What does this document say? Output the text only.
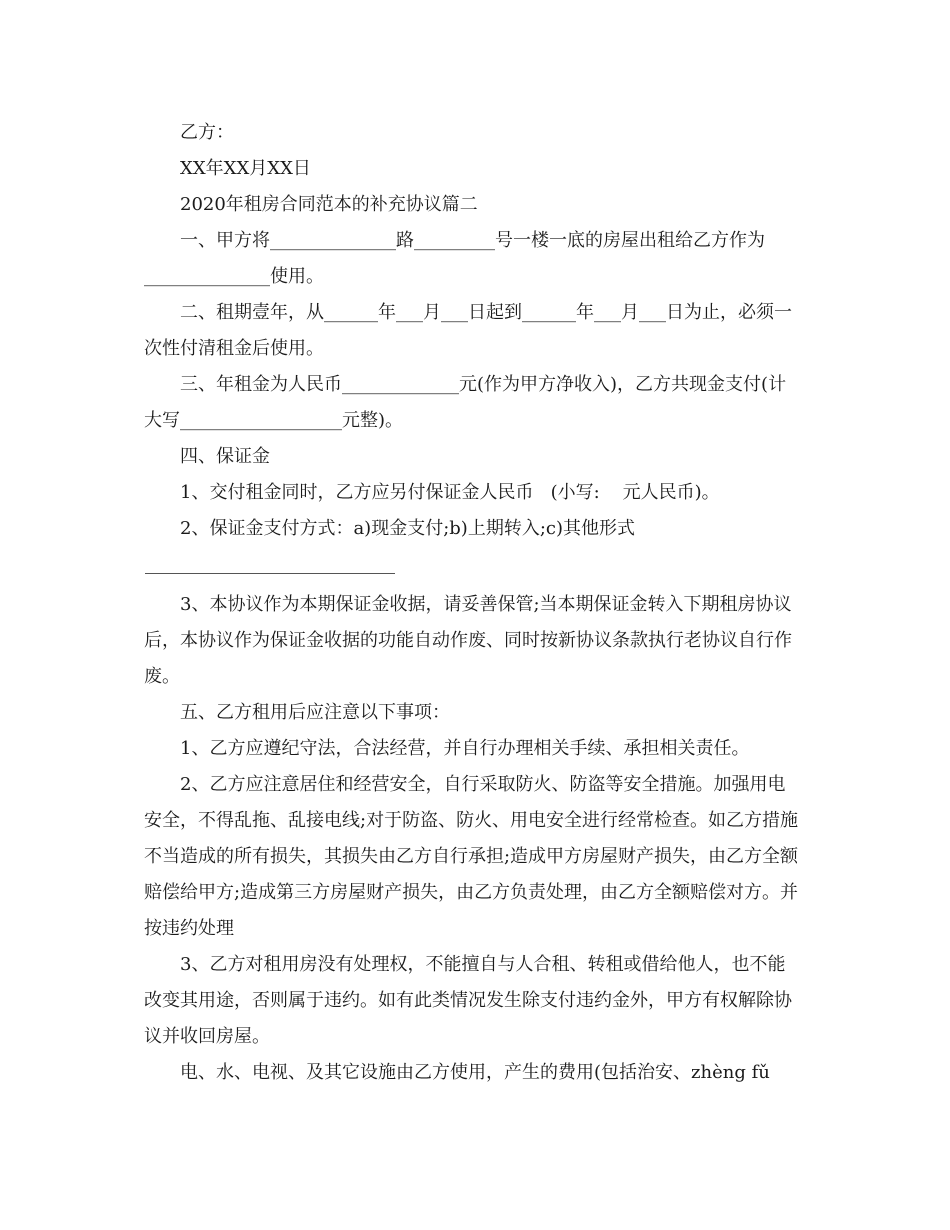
乙方：

XX年XX月XX日

2020年租房合同范本的补充协议篇二

一、甲方将______________路_________号一楼一底的房屋出租给乙方作为______________使用。

二、租期壹年，从______年___月___日起到______年___月___日为止，必须一次性付清租金后使用。

三、年租金为人民币_____________元(作为甲方净收入)，乙方共现金支付(计大写__________________元整)。

四、保证金

1、交付租金同时，乙方应另付保证金人民币   (小写:    元人民币)。

2、保证金支付方式：a)现金支付;b)上期转入;c)其他形式

3、本协议作为本期保证金收据，请妥善保管;当本期保证金转入下期租房协议后，本协议作为保证金收据的功能自动作废、同时按新协议条款执行老协议自行作废。

五、乙方租用后应注意以下事项：

1、乙方应遵纪守法，合法经营，并自行办理相关手续、承担相关责任。

2、乙方应注意居住和经营安全，自行采取防火、防盗等安全措施。加强用电安全，不得乱拖、乱接电线;对于防盗、防火、用电安全进行经常检查。如乙方措施不当造成的所有损失，其损失由乙方自行承担;造成甲方房屋财产损失，由乙方全额赔偿给甲方;造成第三方房屋财产损失，由乙方负责处理，由乙方全额赔偿对方。并按违约处理

3、乙方对租用房没有处理权，不能擅自与人合租、转租或借给他人，也不能改变其用途，否则属于违约。如有此类情况发生除支付违约金外，甲方有权解除协议并收回房屋。

电、水、电视、及其它设施由乙方使用，产生的费用(包括治安、zhèng fǔ
